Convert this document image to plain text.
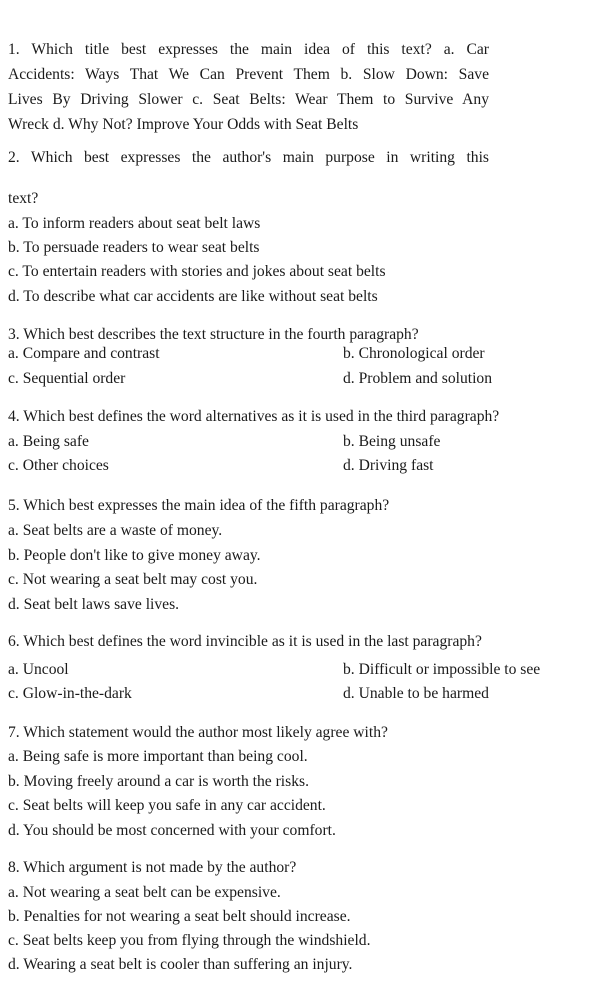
1. Which title best expresses the main idea of this text? a. Car
Accidents: Ways That We Can Prevent Them b. Slow Down: Save
Lives By Driving Slower c. Seat Belts: Wear Them to Survive Any
Wreck d. Why Not? Improve Your Odds with Seat Belts
2. Which best expresses the author's main purpose in writing this
text?
a. To inform readers about seat belt laws
b. To persuade readers to wear seat belts
c. To entertain readers with stories and jokes about seat belts
d. To describe what car accidents are like without seat belts
3. Which best describes the text structure in the fourth paragraph?
a. Compare and contrast	b. Chronological order
c. Sequential order	d. Problem and solution
4. Which best defines the word alternatives as it is used in the third paragraph?
a. Being safe	b. Being unsafe
c. Other choices	d. Driving fast
5. Which best expresses the main idea of the fifth paragraph?
a. Seat belts are a waste of money.
b. People don't like to give money away.
c. Not wearing a seat belt may cost you.
d. Seat belt laws save lives.
6. Which best defines the word invincible as it is used in the last paragraph?
a. Uncool	b. Difficult or impossible to see
c. Glow-in-the-dark	d. Unable to be harmed
7. Which statement would the author most likely agree with?
a. Being safe is more important than being cool.
b. Moving freely around a car is worth the risks.
c. Seat belts will keep you safe in any car accident.
d. You should be most concerned with your comfort.
8. Which argument is not made by the author?
a. Not wearing a seat belt can be expensive.
b. Penalties for not wearing a seat belt should increase.
c. Seat belts keep you from flying through the windshield.
d. Wearing a seat belt is cooler than suffering an injury.
